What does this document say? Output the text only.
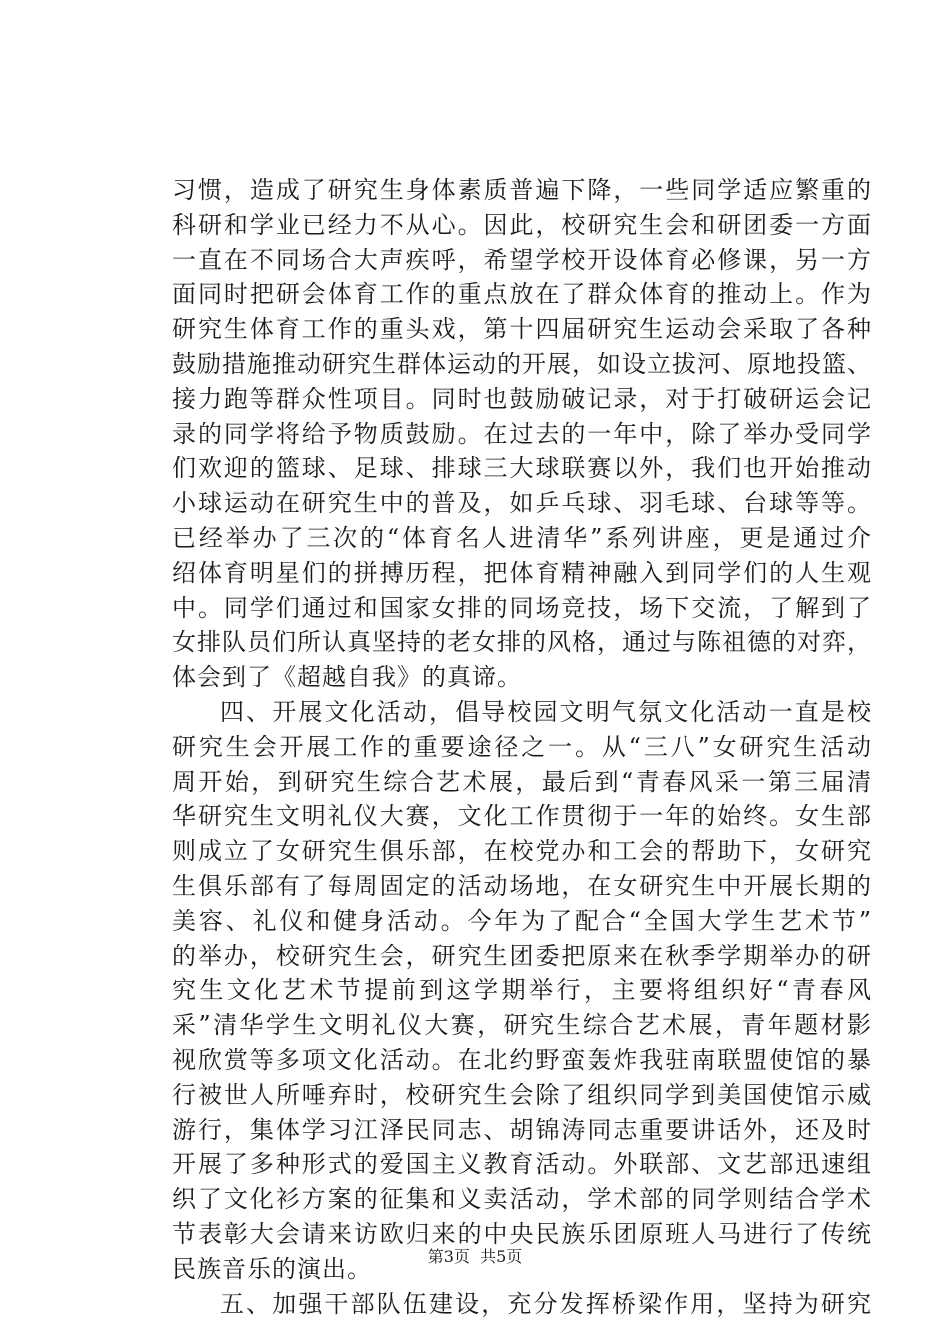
习惯，造成了研究生身体素质普遍下降，一些同学适应繁重的
科研和学业已经力不从心。因此，校研究生会和研团委一方面
一直在不同场合大声疾呼，希望学校开设体育必修课，另一方
面同时把研会体育工作的重点放在了群众体育的推动上。作为
研究生体育工作的重头戏，第十四届研究生运动会采取了各种
鼓励措施推动研究生群体运动的开展，如设立拔河、原地投篮、
接力跑等群众性项目。同时也鼓励破记录，对于打破研运会记
录的同学将给予物质鼓励。在过去的一年中，除了举办受同学
们欢迎的篮球、足球、排球三大球联赛以外，我们也开始推动
小球运动在研究生中的普及，如乒乓球、羽毛球、台球等等。
已经举办了三次的“体育名人进清华”系列讲座，更是通过介
绍体育明星们的拼搏历程，把体育精神融入到同学们的人生观
中。同学们通过和国家女排的同场竞技，场下交流，了解到了
女排队员们所认真坚持的老女排的风格，通过与陈祖德的对弈，
体会到了《超越自我》的真谛。
四、开展文化活动，倡导校园文明气氛文化活动一直是校
研究生会开展工作的重要途径之一。从“三八”女研究生活动
周开始，到研究生综合艺术展，最后到“青春风采一第三届清
华研究生文明礼仪大赛，文化工作贯彻于一年的始终。女生部
则成立了女研究生俱乐部，在校党办和工会的帮助下，女研究
生俱乐部有了每周固定的活动场地，在女研究生中开展长期的
美容、礼仪和健身活动。今年为了配合“全国大学生艺术节”
的举办，校研究生会，研究生团委把原来在秋季学期举办的研
究生文化艺术节提前到这学期举行，主要将组织好“青春风
采”清华学生文明礼仪大赛，研究生综合艺术展，青年题材影
视欣赏等多项文化活动。在北约野蛮轰炸我驻南联盟使馆的暴
行被世人所唾弃时，校研究生会除了组织同学到美国使馆示威
游行，集体学习江泽民同志、胡锦涛同志重要讲话外，还及时
开展了多种形式的爱国主义教育活动。外联部、文艺部迅速组
织了文化衫方案的征集和义卖活动，学术部的同学则结合学术
节表彰大会请来访欧归来的中央民族乐团原班人马进行了传统
民族音乐的演出。
五、加强干部队伍建设，充分发挥桥梁作用，坚持为研究
第3页  共5页
